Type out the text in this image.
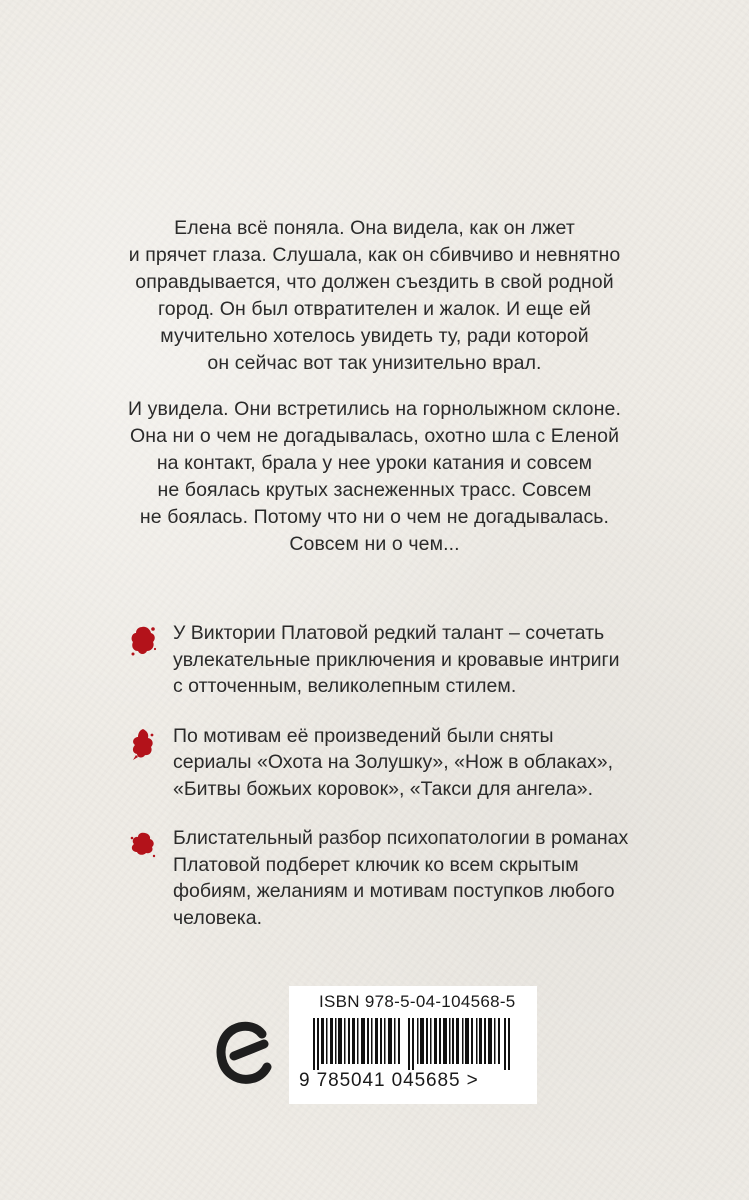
Елена всё поняла. Она видела, как он лжет
и прячет глаза. Слушала, как он сбивчиво и невнятно
оправдывается, что должен съездить в свой родной
город. Он был отвратителен и жалок. И еще ей
мучительно хотелось увидеть ту, ради которой
он сейчас вот так унизительно врал.
И увидела. Они встретились на горнолыжном склоне.
Она ни о чем не догадывалась, охотно шла с Еленой
на контакт, брала у нее уроки катания и совсем
не боялась крутых заснеженных трасс. Совсем
не боялась. Потому что ни о чем не догадывалась.
Совсем ни о чем...
У Виктории Платовой редкий талант – сочетать
увлекательные приключения и кровавые интриги
с отточенным, великолепным стилем.
По мотивам её произведений были сняты
сериалы «Охота на Золушку», «Нож в облаках»,
«Битвы божьих коровок», «Такси для ангела».
Блистательный разбор психопатологии в романах
Платовой подберет ключик ко всем скрытым
фобиям, желаниям и мотивам поступков любого
человека.
ISBN 978-5-04-104568-5
9 785041 045685 >
